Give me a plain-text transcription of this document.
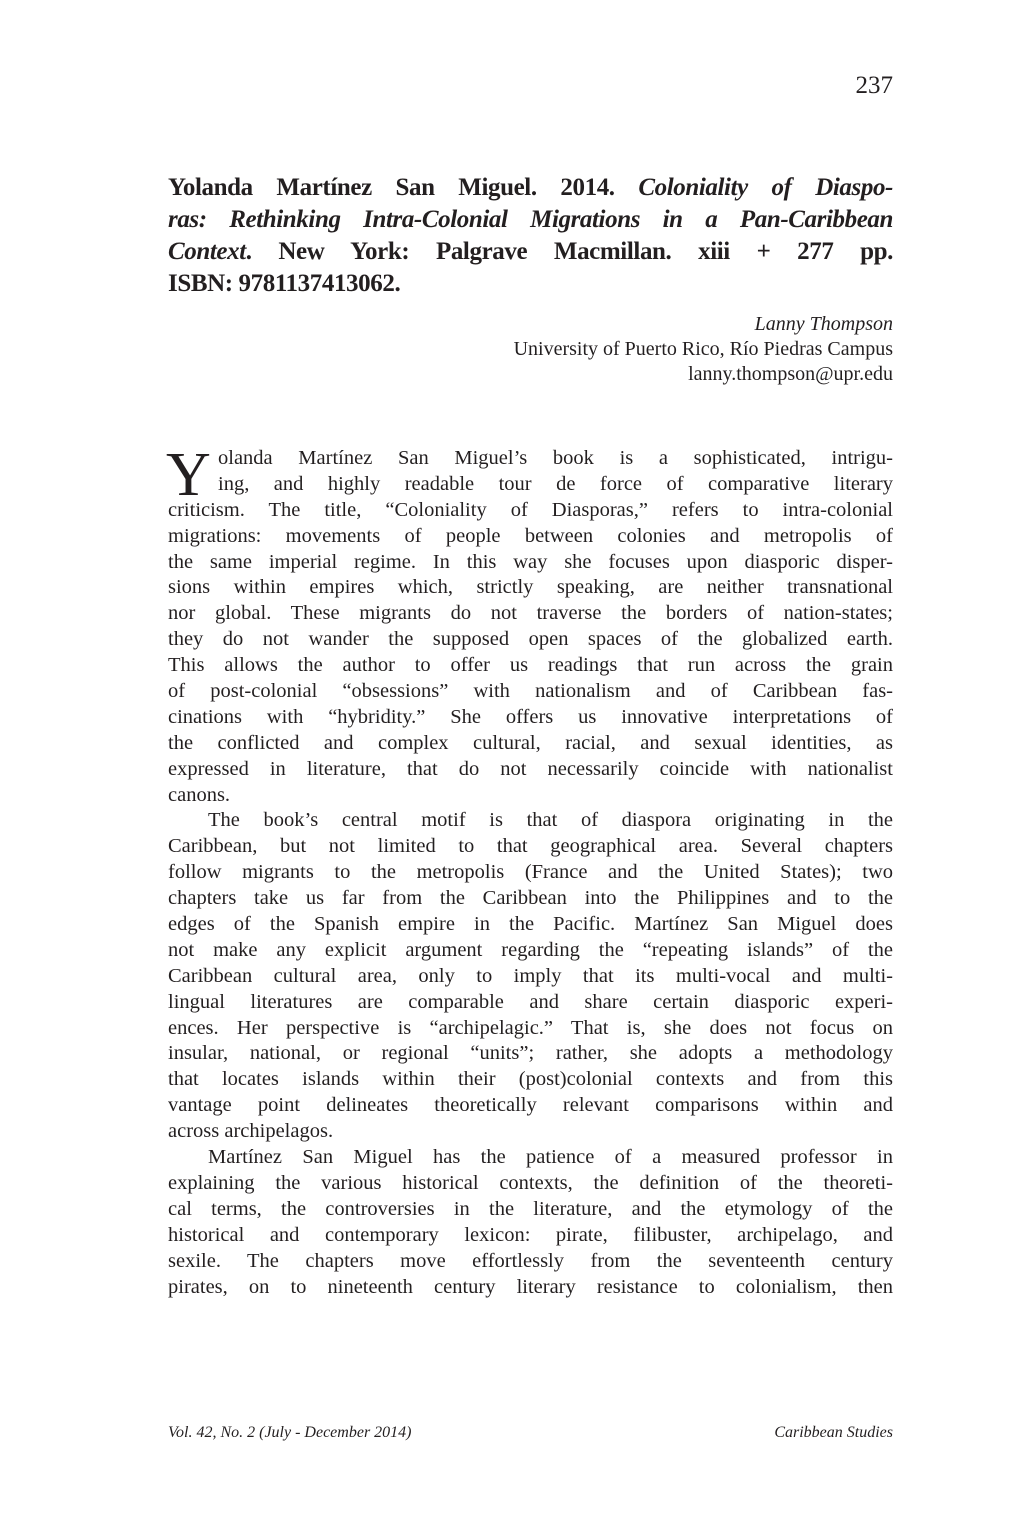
237
Yolanda Martínez San Miguel. 2014. Coloniality of Diaspo-
ras: Rethinking Intra-Colonial Migrations in a Pan-Caribbean
Context. New York: Palgrave Macmillan. xiii + 277 pp.
ISBN: 9781137413062.
Lanny Thompson
University of Puerto Rico, Río Piedras Campus
lanny.thompson@upr.edu
Y olanda Martínez San Miguel’s book is a sophisticated, intrigu-
ing, and highly readable tour de force of comparative literary
criticism. The title, “Coloniality of Diasporas,” refers to intra-colonial
migrations: movements of people between colonies and metropolis of
the same imperial regime. In this way she focuses upon diasporic disper-
sions within empires which, strictly speaking, are neither transnational
nor global. These migrants do not traverse the borders of nation-states;
they do not wander the supposed open spaces of the globalized earth.
This allows the author to offer us readings that run across the grain
of post-colonial “obsessions” with nationalism and of Caribbean fas-
cinations with “hybridity.” She offers us innovative interpretations of
the conflicted and complex cultural, racial, and sexual identities, as
expressed in literature, that do not necessarily coincide with nationalist
canons.
The book’s central motif is that of diaspora originating in the
Caribbean, but not limited to that geographical area. Several chapters
follow migrants to the metropolis (France and the United States); two
chapters take us far from the Caribbean into the Philippines and to the
edges of the Spanish empire in the Pacific. Martínez San Miguel does
not make any explicit argument regarding the “repeating islands” of the
Caribbean cultural area, only to imply that its multi-vocal and multi-
lingual literatures are comparable and share certain diasporic experi-
ences. Her perspective is “archipelagic.” That is, she does not focus on
insular, national, or regional “units”; rather, she adopts a methodology
that locates islands within their (post)colonial contexts and from this
vantage point delineates theoretically relevant comparisons within and
across archipelagos.
Martínez San Miguel has the patience of a measured professor in
explaining the various historical contexts, the definition of the theoreti-
cal terms, the controversies in the literature, and the etymology of the
historical and contemporary lexicon: pirate, filibuster, archipelago, and
sexile. The chapters move effortlessly from the seventeenth century
pirates, on to nineteenth century literary resistance to colonialism, then
Vol. 42, No. 2 (July - December 2014)	Caribbean Studies
